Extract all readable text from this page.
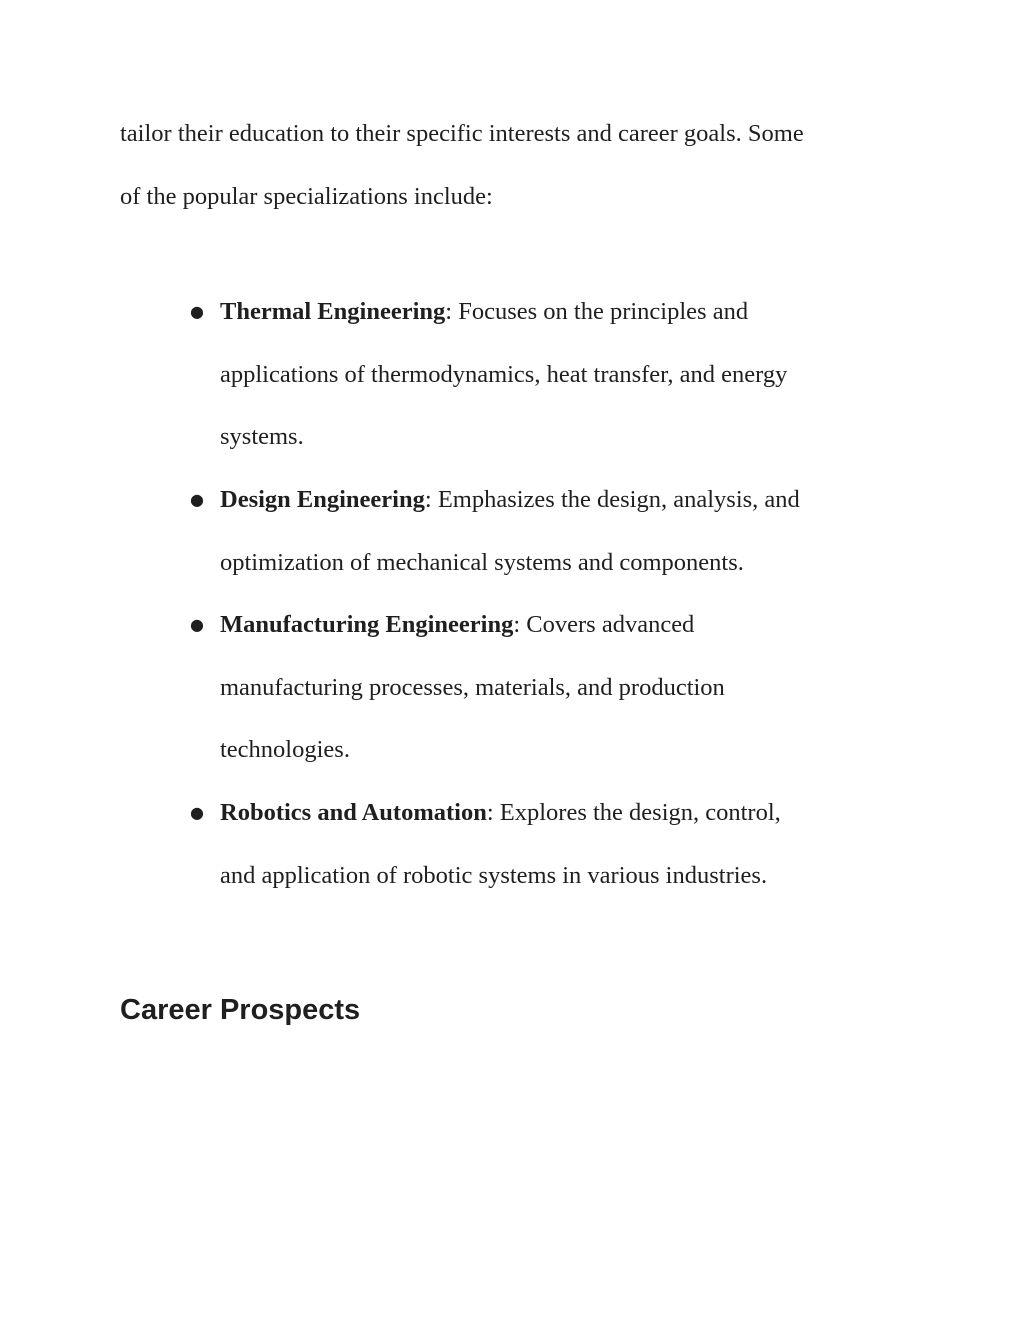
tailor their education to their specific interests and career goals. Some
of the popular specializations include:

● Thermal Engineering: Focuses on the principles and
applications of thermodynamics, heat transfer, and energy
systems.
● Design Engineering: Emphasizes the design, analysis, and
optimization of mechanical systems and components.
● Manufacturing Engineering: Covers advanced
manufacturing processes, materials, and production
technologies.
● Robotics and Automation: Explores the design, control,
and application of robotic systems in various industries.
Career Prospects
